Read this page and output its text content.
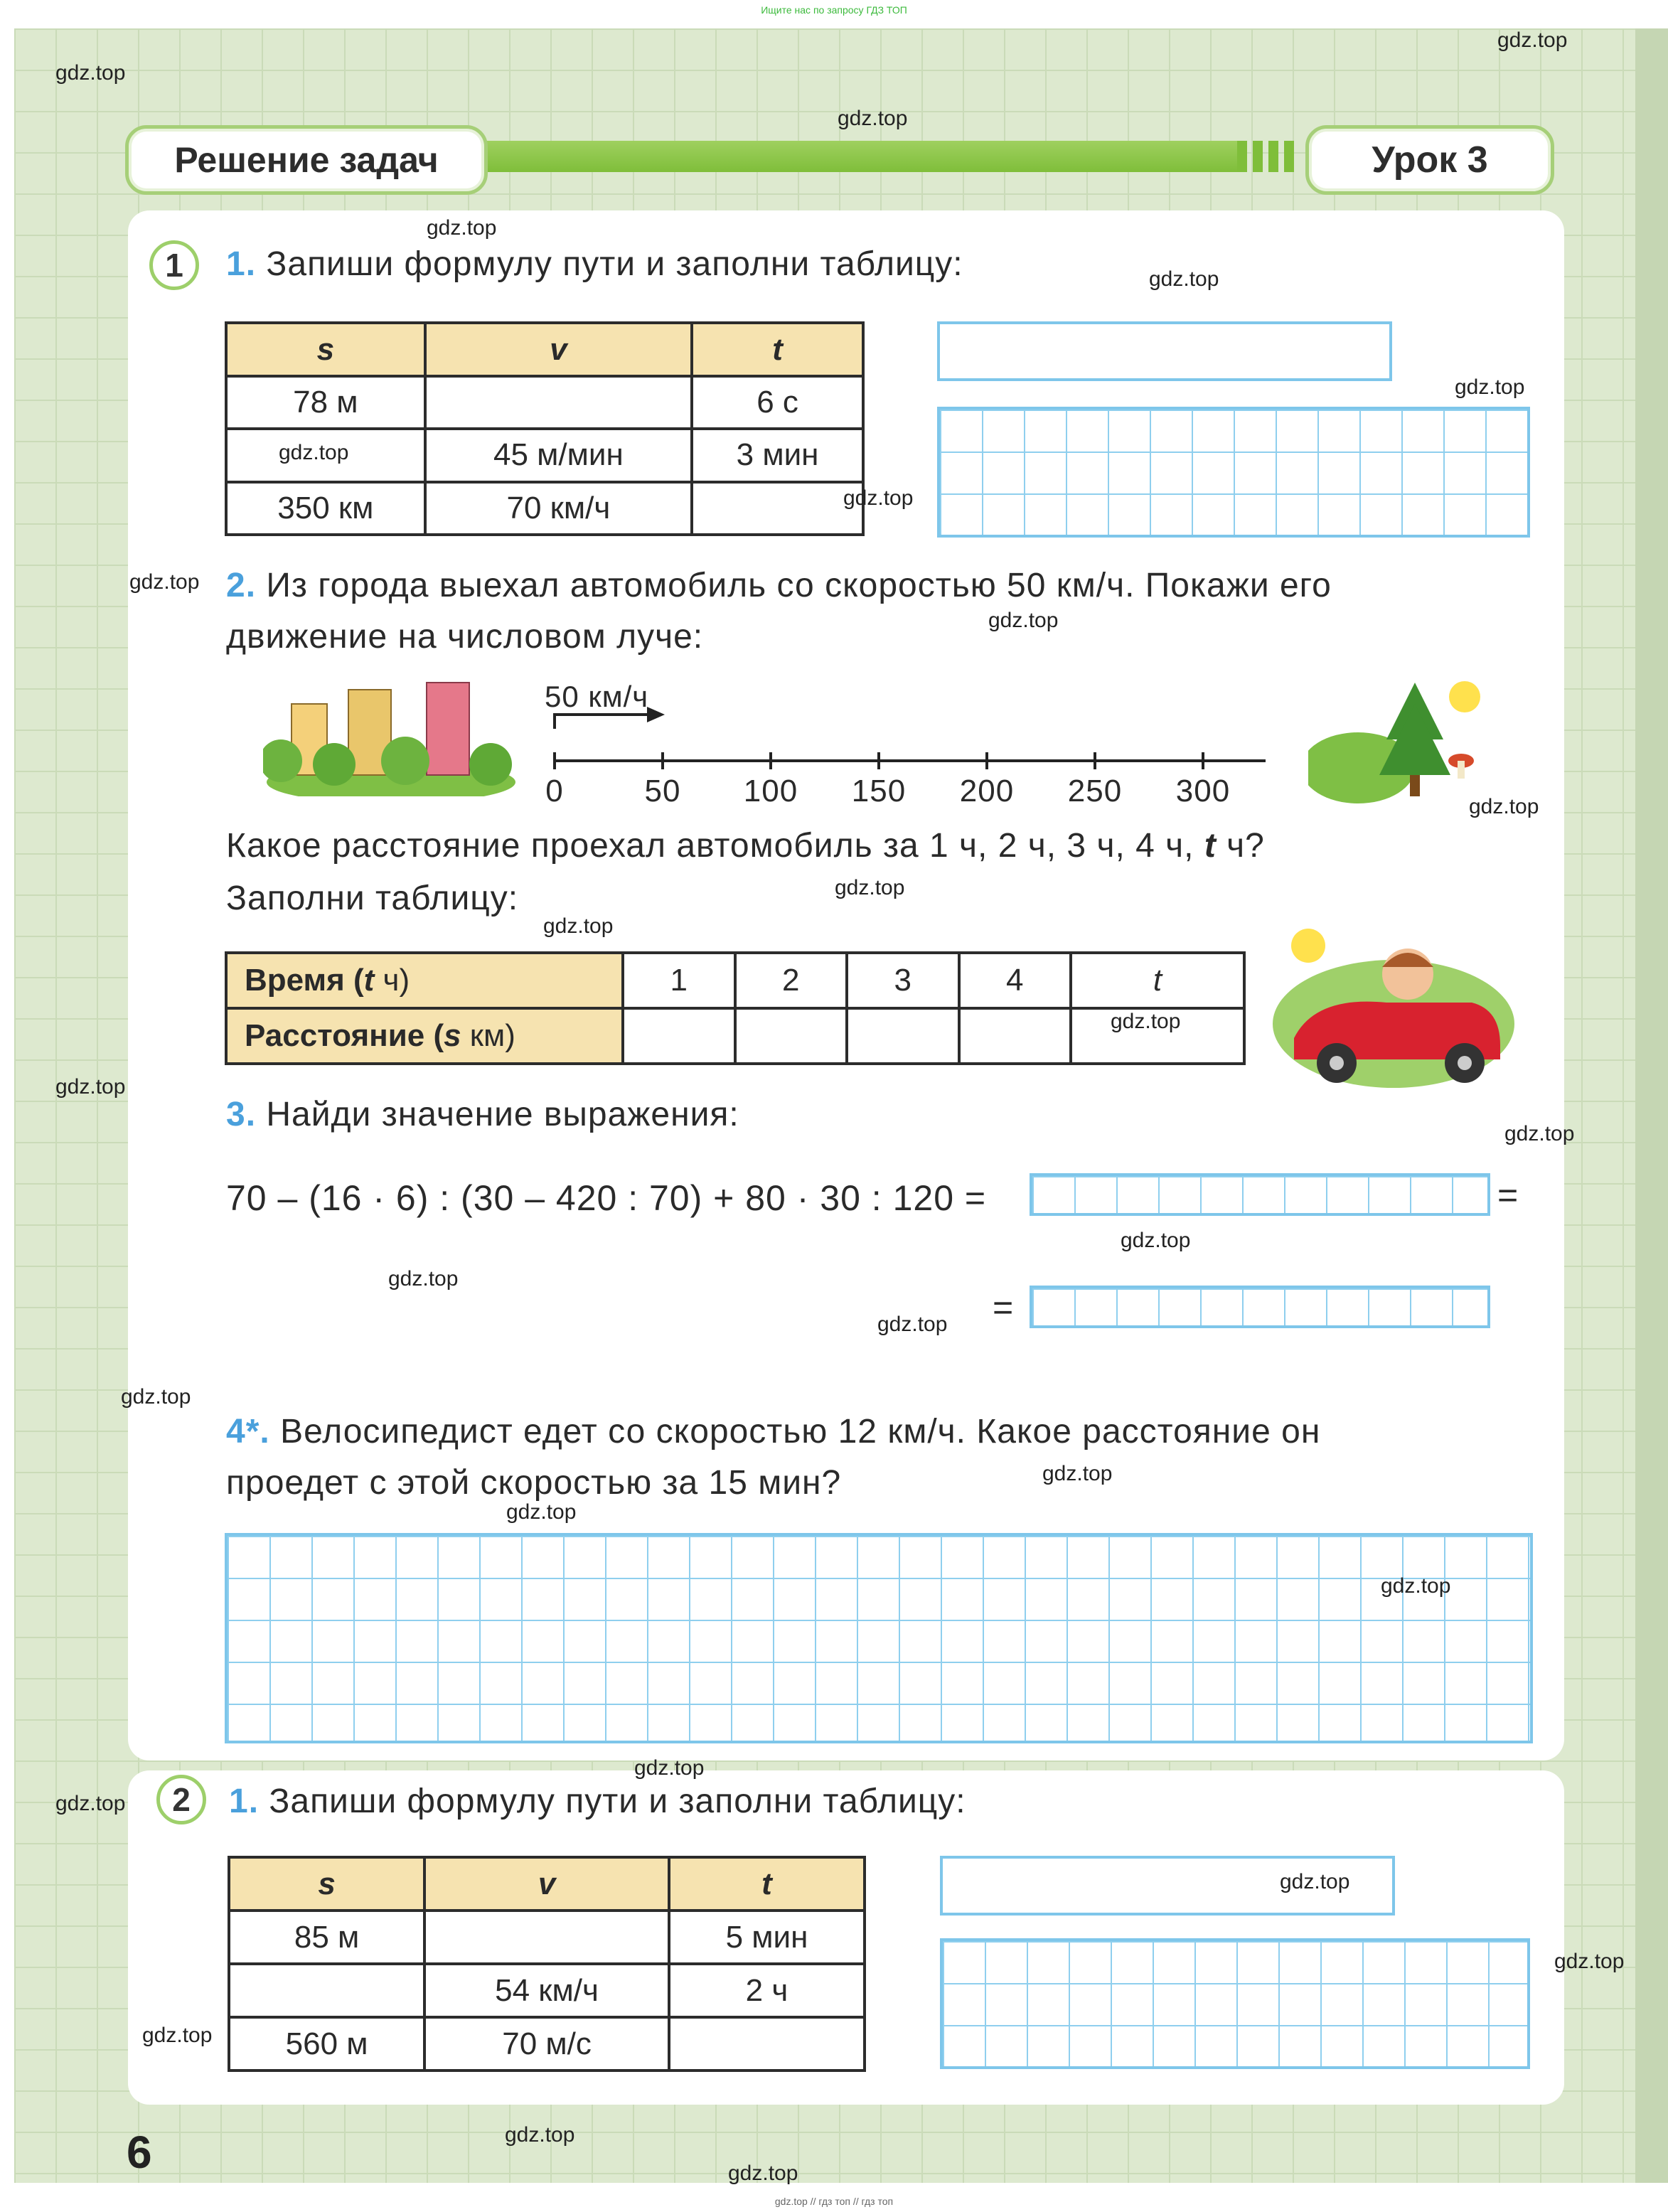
Ищите нас по запросу ГДЗ ТОП
Решение задач	Урок 3
1	1. Запиши формулу пути и заполни таблицу:
s	v	t
78 м		6 с
	45 м/мин	3 мин
350 км	70 км/ч	
2. Из города выехал автомобиль со скоростью 50 км/ч. Покажи его
движение на числовом луче:
50 км/ч
0	50	100	150	200	250	300
Какое расстояние проехал автомобиль за 1 ч, 2 ч, 3 ч, 4 ч, t ч?
Заполни таблицу:
Время (t ч)	1	2	3	4	t
Расстояние (s км)					
3. Найди значение выражения:
70 – (16 · 6) : (30 – 420 : 70) + 80 · 30 : 120 =	=
=
4*. Велосипедист едет со скоростью 12 км/ч. Какое расстояние он
проедет с этой скоростью за 15 мин?
2	1. Запиши формулу пути и заполни таблицу:
s	v	t
85 м		5 мин
	54 км/ч	2 ч
560 м	70 м/с	
6
gdz.top
gdz.top
gdz.top
gdz.top
gdz.top
gdz.top
gdz.top
gdz.top
gdz.top
gdz.top
gdz.top
gdz.top
gdz.top
gdz.top
gdz.top
gdz.top
gdz.top
gdz.top
gdz.top
gdz.top
gdz.top
gdz.top
gdz.top
gdz.top
gdz.top
gdz.top
gdz.top
gdz.top
gdz.top
gdz.top
gdz.top // гдз топ // гдз топ
